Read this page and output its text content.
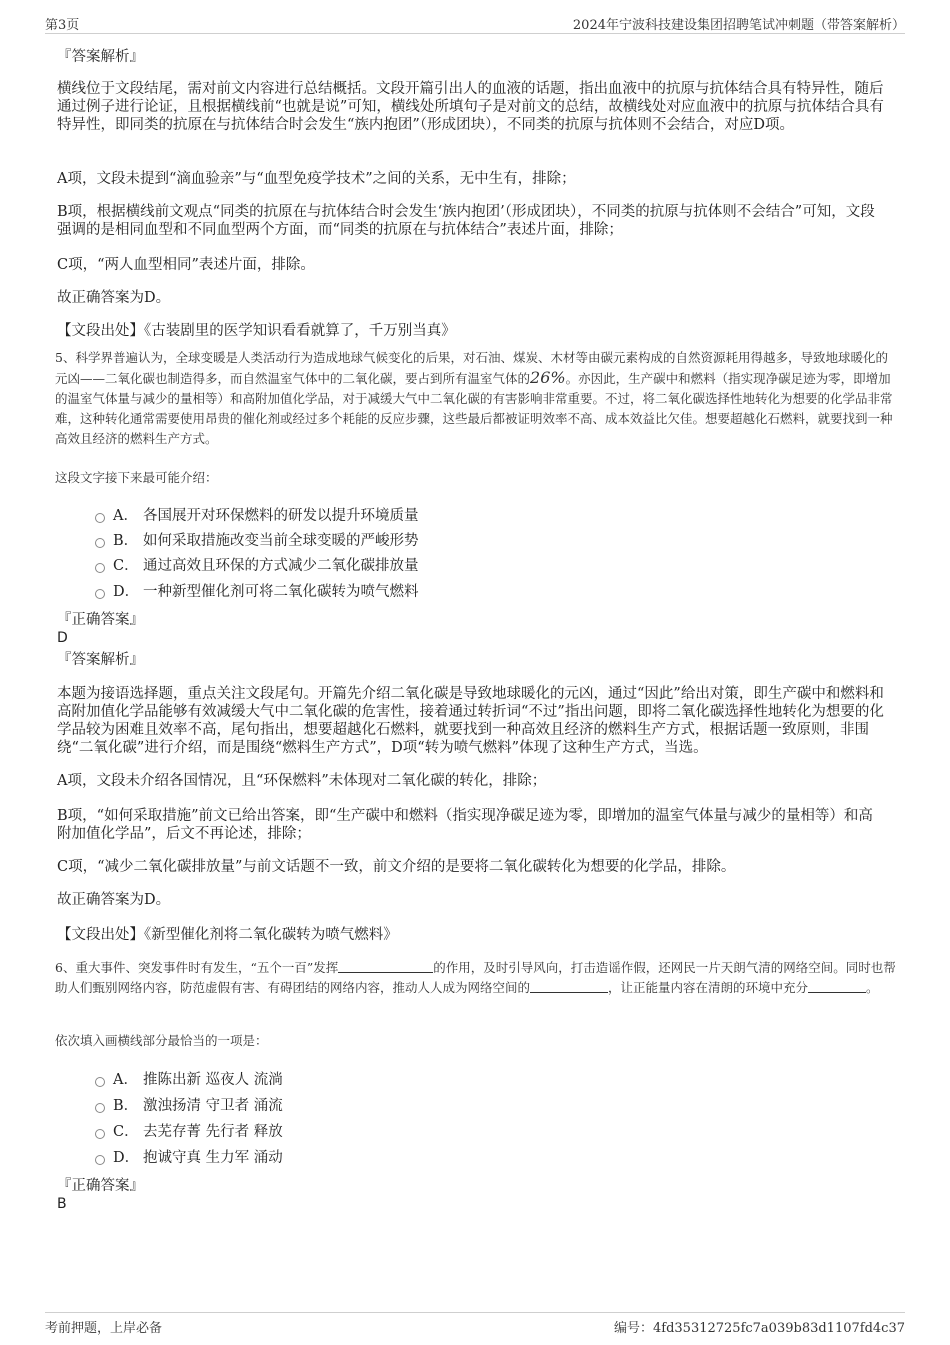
第3页	2024年宁波科技建设集团招聘笔试冲刺题（带答案解析）
『答案解析』
横线位于文段结尾，需对前文内容进行总结概括。文段开篇引出人的血液的话题，指出血液中的抗原与抗体结合具有特异性，随后通过例子进行论证，且根据横线前“也就是说”可知，横线处所填句子是对前文的总结，故横线处对应血液中的抗原与抗体结合具有特异性，即同类的抗原在与抗体结合时会发生“族内抱团”（形成团块），不同类的抗原与抗体则不会结合，对应D项。
A项，文段未提到“滴血验亲”与“血型免疫学技术”之间的关系，无中生有，排除；
B项，根据横线前文观点“同类的抗原在与抗体结合时会发生‘族内抱团’（形成团块），不同类的抗原与抗体则不会结合”可知，文段强调的是相同血型和不同血型两个方面，而“同类的抗原在与抗体结合”表述片面，排除；
C项，“两人血型相同”表述片面，排除。
故正确答案为D。
【文段出处】《古装剧里的医学知识看看就算了，千万别当真》
5、科学界普遍认为，全球变暖是人类活动行为造成地球气候变化的后果，对石油、煤炭、木材等由碳元素构成的自然资源耗用得越多，导致地球暖化的元凶——二氧化碳也制造得多，而自然温室气体中的二氧化碳，要占到所有温室气体的26%。亦因此，生产碳中和燃料（指实现净碳足迹为零，即增加的温室气体量与减少的量相等）和高附加值化学品，对于减缓大气中二氧化碳的有害影响非常重要。不过，将二氧化碳选择性地转化为想要的化学品非常难，这种转化通常需要使用昂贵的催化剂或经过多个耗能的反应步骤，这些最后都被证明效率不高、成本效益比欠佳。想要超越化石燃料，就要找到一种高效且经济的燃料生产方式。
这段文字接下来最可能介绍：
A． 各国展开对环保燃料的研发以提升环境质量
B． 如何采取措施改变当前全球变暖的严峻形势
C． 通过高效且环保的方式减少二氧化碳排放量
D． 一种新型催化剂可将二氧化碳转为喷气燃料
『正确答案』
D
『答案解析』
本题为接语选择题，重点关注文段尾句。开篇先介绍二氧化碳是导致地球暖化的元凶，通过“因此”给出对策，即生产碳中和燃料和高附加值化学品能够有效减缓大气中二氧化碳的危害性，接着通过转折词“不过”指出问题，即将二氧化碳选择性地转化为想要的化学品较为困难且效率不高，尾句指出，想要超越化石燃料，就要找到一种高效且经济的燃料生产方式，根据话题一致原则，非围绕“二氧化碳”进行介绍，而是围绕“燃料生产方式”，D项“转为喷气燃料”体现了这种生产方式，当选。
A项，文段未介绍各国情况，且“环保燃料”未体现对二氧化碳的转化，排除；
B项，“如何采取措施”前文已给出答案，即“生产碳中和燃料（指实现净碳足迹为零，即增加的温室气体量与减少的量相等）和高附加值化学品”，后文不再论述，排除；
C项，“减少二氧化碳排放量”与前文话题不一致，前文介绍的是要将二氧化碳转化为想要的化学品，排除。
故正确答案为D。
【文段出处】《新型催化剂将二氧化碳转为喷气燃料》
6、重大事件、突发事件时有发生，“五个一百”发挥	的作用，及时引导风向，打击造谣作假，还网民一片天朗气清的网络空间。同时也帮助人们甄别网络内容，防范虚假有害、有碍团结的网络内容，推动人人成为网络空间的	，让正能量内容在清朗的环境中充分	。
依次填入画横线部分最恰当的一项是：
A． 推陈出新 巡夜人 流淌
B． 激浊扬清 守卫者 涌流
C． 去芜存菁 先行者 释放
D． 抱诚守真 生力军 涌动
『正确答案』
B
考前押题，上岸必备	编号：4fd35312725fc7a039b83d1107fd4c37
